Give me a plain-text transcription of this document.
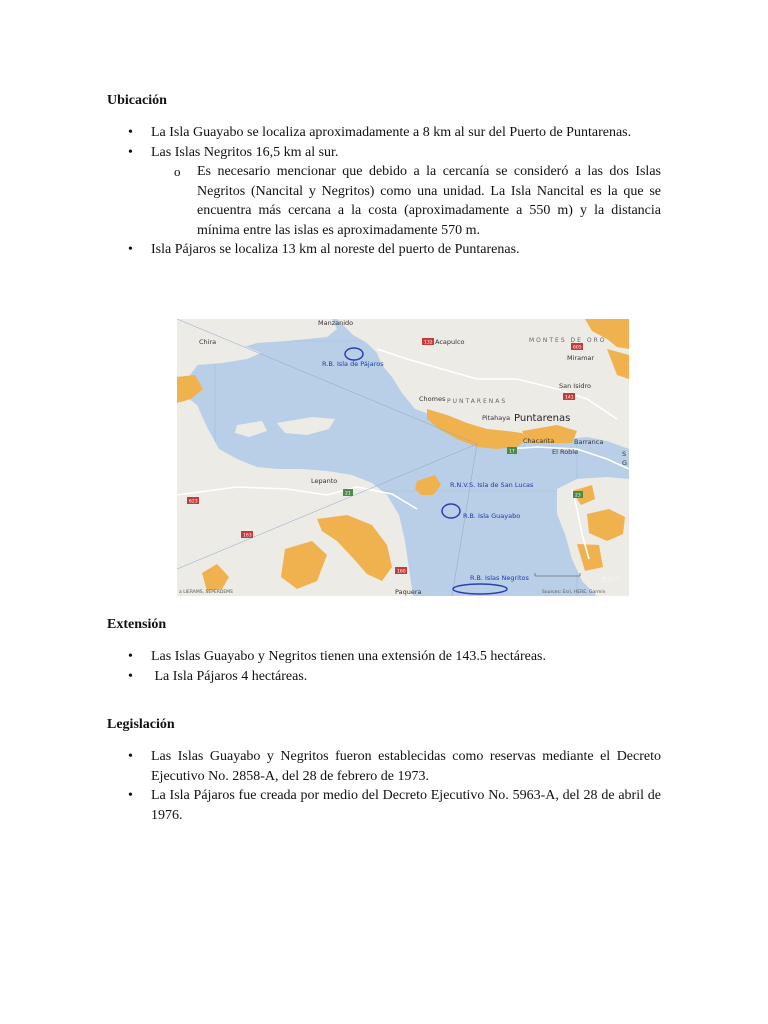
Ubicación
• La Isla Guayabo se localiza aproximadamente a 8 km al sur del Puerto de Puntarenas.
• Las Islas Negritos 16,5 km al sur.
o Es necesario mencionar que debido a la cercanía se consideró a las dos Islas Negritos (Nancital y Negritos) como una unidad. La Isla Nancital es la que se encuentra más cercana a la costa (aproximadamente a 550 m) y la distancia mínima entre las islas es aproximadamente 570 m.
• Isla Pájaros se localiza 13 km al noreste del puerto de Puntarenas.
132
605
141
17
21	23
623
163
160
Manzanido
Chira	Acapulco	MONTES DE ORO
Miramar
San Isidro
R.B. Isla de Pájaros
Chomes PUNTARENAS
Pitahaya Puntarenas
Chacarita	Barranca
El Roble	S
G
Lepanto	R.N.V.S. Isla de San Lucas
R.B. Isla Guayabo
R.B. Islas Negritos
Paquera
esri
a LIERAMS, SEPERDEMS	Sources: Esri, HERE, Garmin
Extensión
• Las Islas Guayabo y Negritos tienen una extensión de 143.5 hectáreas.
•  La Isla Pájaros 4 hectáreas.
Legislación
• Las Islas Guayabo y Negritos fueron establecidas como reservas mediante el Decreto Ejecutivo No. 2858-A, del 28 de febrero de 1973.
• La Isla Pájaros fue creada por medio del Decreto Ejecutivo No. 5963-A, del 28 de abril de 1976.
